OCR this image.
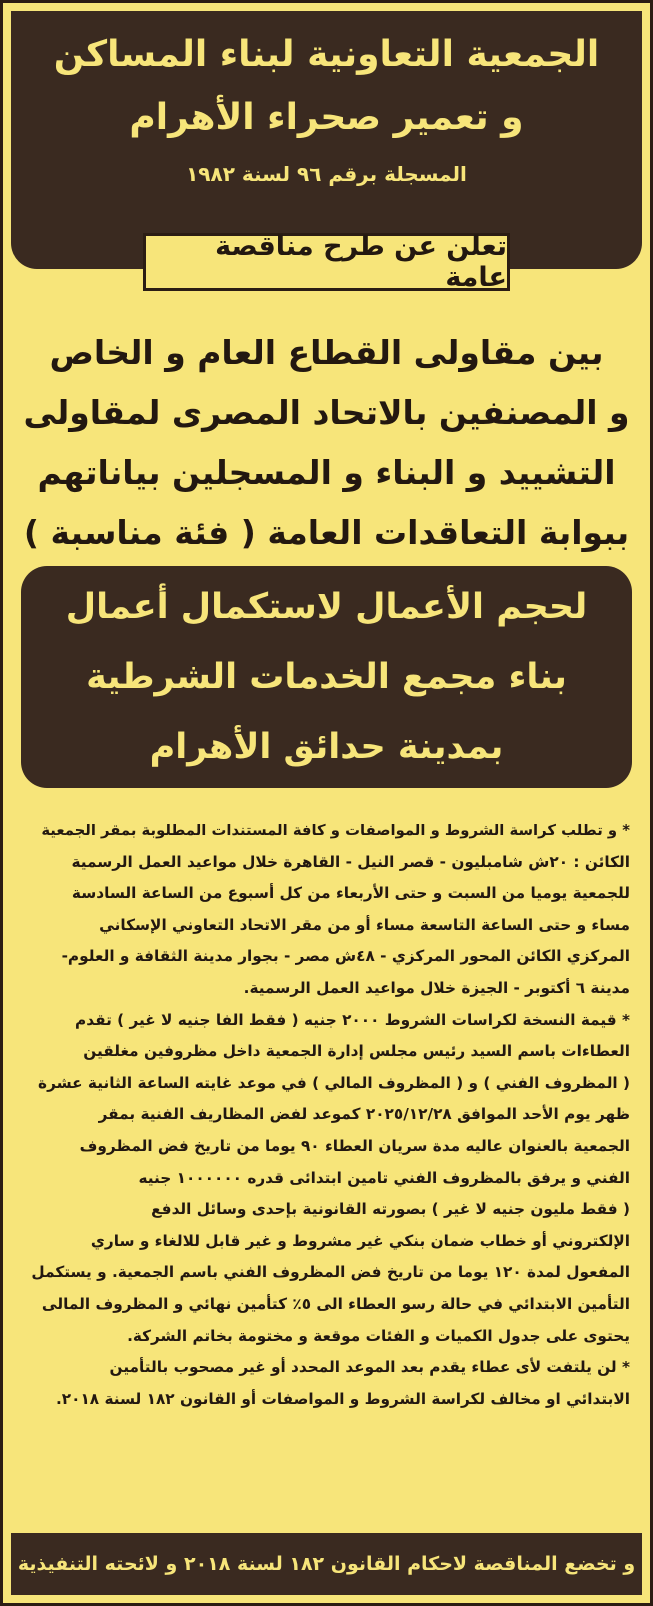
الجمعية التعاونية لبناء المساكن
و تعمير صحراء الأهرام
المسجلة برقم ٩٦ لسنة ١٩٨٢
تعلن عن طرح مناقصة عامة
بين مقاولى القطاع العام و الخاص
و المصنفين بالاتحاد المصرى لمقاولى
التشييد و البناء و المسجلين بياناتهم
ببوابة التعاقدات العامة ( فئة مناسبة )
لحجم الأعمال لاستكمال أعمال
بناء مجمع الخدمات الشرطية
بمدينة حدائق الأهرام
* و تطلب كراسة الشروط و المواصفات و كافة المستندات المطلوبة بمقر الجمعية
الكائن : ٢٠ش شامبليون - قصر النيل - القاهرة خلال مواعيد العمل الرسمية
للجمعية يوميا من السبت و حتى الأربعاء من كل أسبوع من الساعة السادسة
مساء و حتى الساعة التاسعة مساء أو من مقر الاتحاد التعاوني الإسكاني
المركزي الكائن المحور المركزي - ٤٨ش مصر - بجوار مدينة الثقافة و العلوم-
مدينة ٦ أكتوبر - الجيزة خلال مواعيد العمل الرسمية.
* قيمة النسخة لكراسات الشروط ٢٠٠٠ جنيه ( فقط الفا جنيه لا غير ) تقدم
العطاءات باسم السيد رئيس مجلس إدارة الجمعية داخل مظروفين مغلقين
( المظروف الفني ) و ( المظروف المالي ) في موعد غايته الساعة الثانية عشرة
ظهر يوم الأحد الموافق ٢٠٢٥/١٢/٢٨ كموعد لفض المظاريف الفنية بمقر
الجمعية بالعنوان عاليه مدة سريان العطاء ٩٠ يوما من تاريخ فض المظروف
الفني و يرفق بالمظروف الفني تامين ابتدائى قدره ١٠٠٠٠٠٠ جنيه
( فقط مليون جنيه لا غير ) بصورته القانونية بإحدى وسائل الدفع
الإلكتروني أو خطاب ضمان بنكي غير مشروط و غير قابل للالغاء و ساري
المفعول لمدة ١٢٠ يوما من تاريخ فض المظروف الفني باسم الجمعية. و يستكمل
التأمين الابتدائي في حالة رسو العطاء الى ٥٪ كتأمين نهائي و المظروف المالى
يحتوى على جدول الكميات و الفئات موقعة و مختومة بخاتم الشركة.
* لن يلتفت لأى عطاء يقدم بعد الموعد المحدد أو غير مصحوب بالتأمين
الابتدائي او مخالف لكراسة الشروط و المواصفات أو القانون ١٨٢ لسنة ٢٠١٨.
و تخضع المناقصة لاحكام القانون ١٨٢ لسنة ٢٠١٨ و لائحته التنفيذية
